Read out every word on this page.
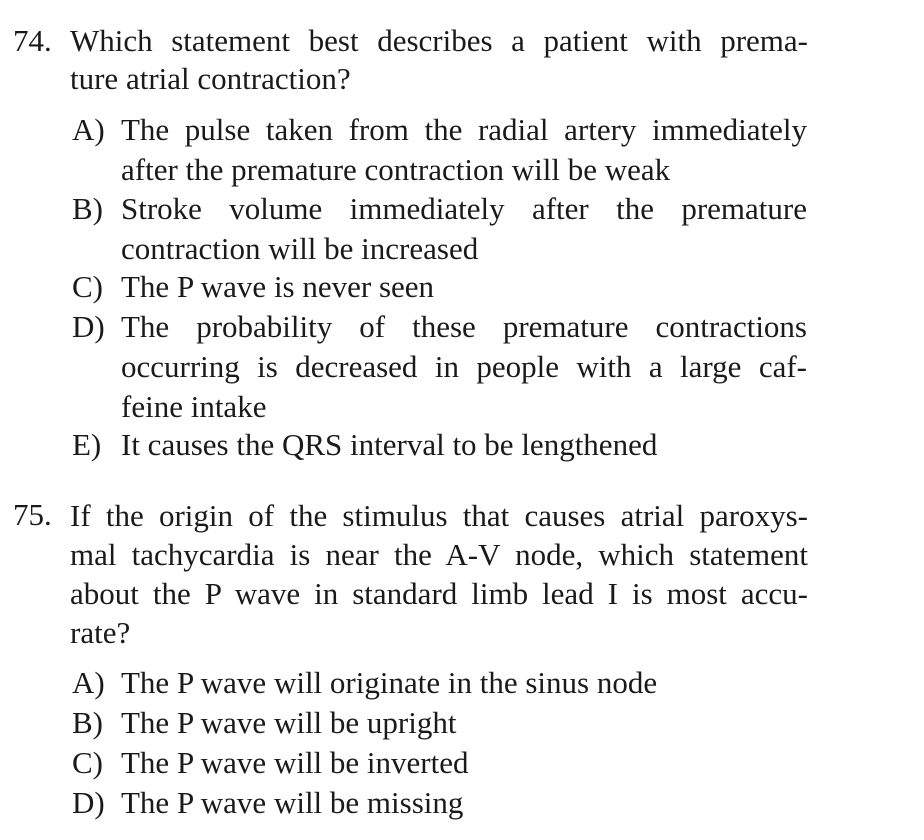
74. Which statement best describes a patient with prema-
ture atrial contraction?
A) The pulse taken from the radial artery immediately
after the premature contraction will be weak
B) Stroke volume immediately after the premature
contraction will be increased
C) The P wave is never seen
D) The probability of these premature contractions
occurring is decreased in people with a large caf-
feine intake
E) It causes the QRS interval to be lengthened
75. If the origin of the stimulus that causes atrial paroxys-
mal tachycardia is near the A-V node, which statement
about the P wave in standard limb lead I is most accu-
rate?
A) The P wave will originate in the sinus node
B) The P wave will be upright
C) The P wave will be inverted
D) The P wave will be missing
